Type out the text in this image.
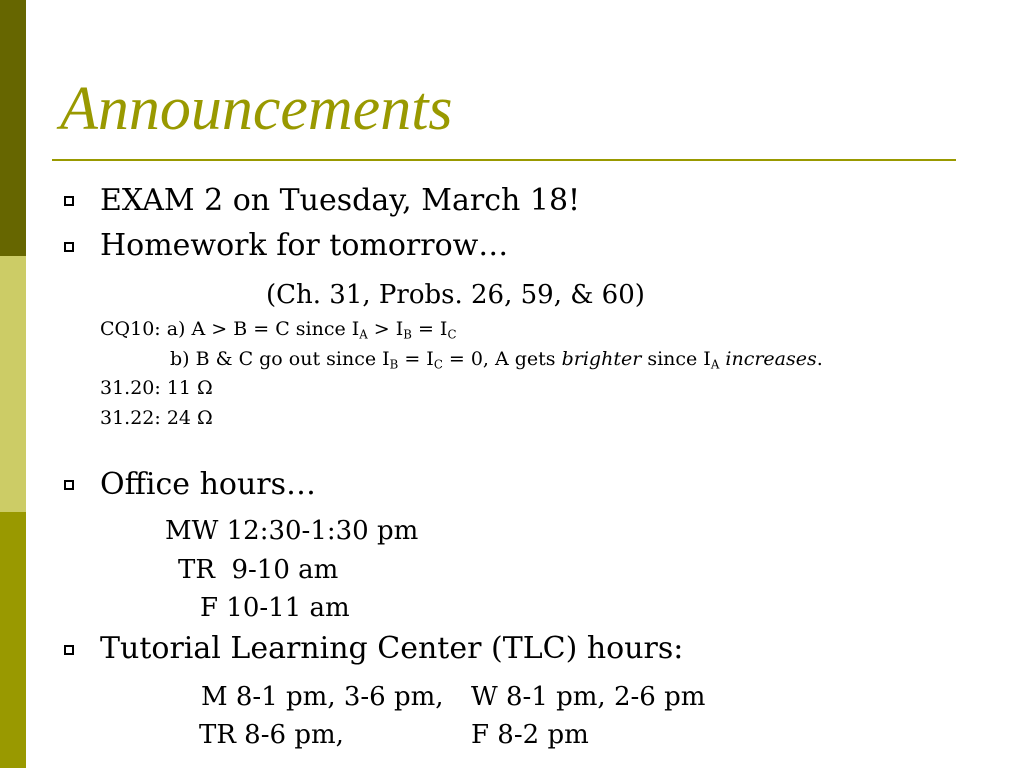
Announcements
EXAM 2 on Tuesday, March 18!
Homework for tomorrow…
(Ch. 31, Probs. 26, 59, & 60)
CQ10: a) A > B = C since $I_A > I_B = I_C$
b) B & C go out since $I_B = I_C = 0$, A gets brighter since $I_A$ increases.
31.20: 11 Ω
31.22: 24 Ω
Office hours…
MW 12:30-1:30 pm
TR  9-10 am
F 10-11 am
Tutorial Learning Center (TLC) hours:
M 8-1 pm, 3-6 pm, W 8-1 pm, 2-6 pm
TR 8-6 pm,	F 8-2 pm
